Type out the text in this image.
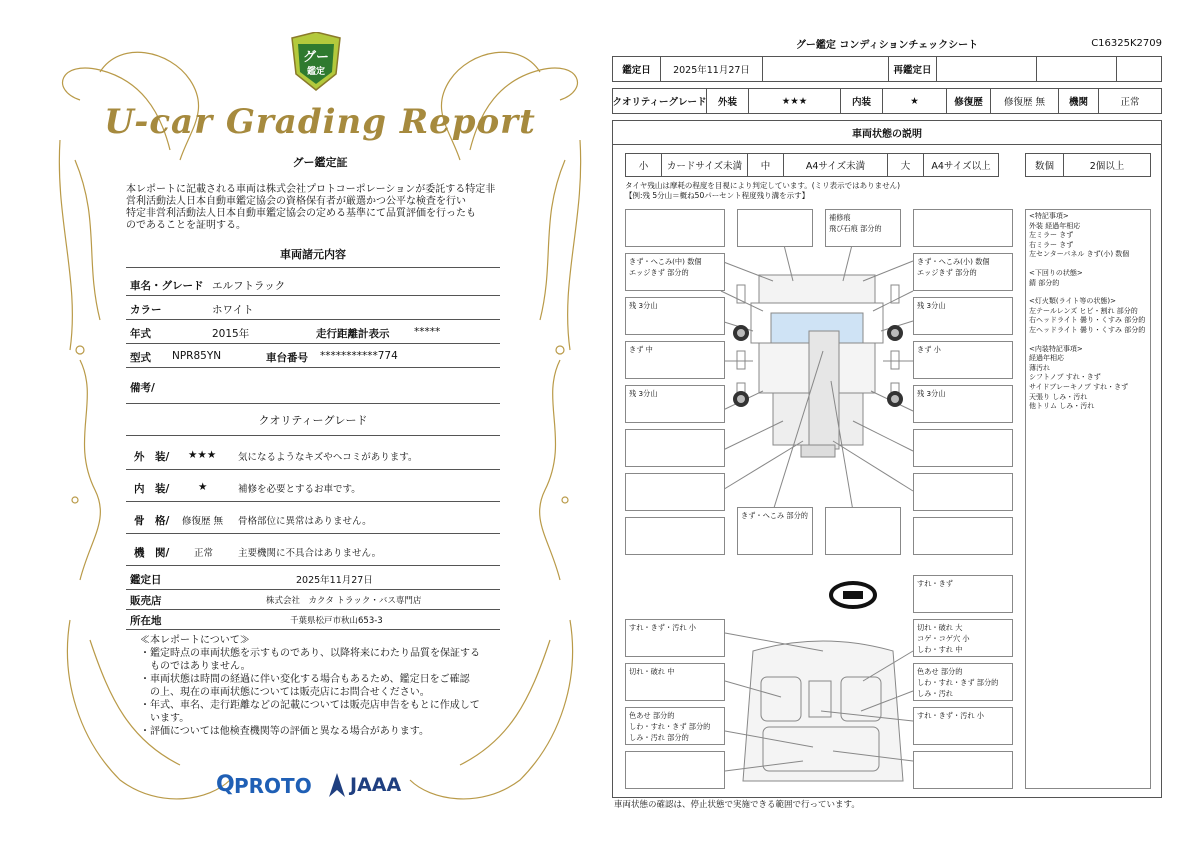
グー
鑑定
U-car Grading Report
グー鑑定証
本レポートに記載される車両は株式会社プロトコーポレーションが委託する特定非
営利活動法人日本自動車鑑定協会の資格保有者が厳選かつ公平な検査を行い
特定非営利活動法人日本自動車鑑定協会の定める基準にて品質評価を行ったも
のであることを証明する。
車両諸元内容
車名・グレード エルフトラック
カラー	ホワイト
年式	2015年	走行距離計表示 *****
型式 NPR85YN	車台番号 ***********774
備考/
クオリティーグレード
外　装/ ★★★ 気になるようなキズやヘコミがあります。
内　装/	★	補修を必要とするお車です。
骨　格/ 修復歴 無 骨格部位に異常はありません。
機　関/	正常	主要機関に不具合はありません。
鑑定日	2025年11月27日
販売店	株式会社　カクタ トラック・バス専門店
所在地	千葉県松戸市秋山653-3
≪本レポートについて≫
・鑑定時点の車両状態を示すものであり、以降将来にわたり品質を保証する
　ものではありません。
・車両状態は時間の経過に伴い変化する場合もあるため、鑑定日をご確認
　の上、現在の車両状態については販売店にお問合せください。
・年式、車名、走行距離などの記載については販売店申告をもとに作成して
　います。
・評価については他検査機関等の評価と異なる場合があります。
Q PROTO JAAA
グー鑑定 コンディションチェックシート	C16325K2709
鑑定日	2025年11月27日	再鑑定日
クオリティーグレード	外装	★★★	内装	★	修復歴	修復歴 無	機関	正常
車両状態の説明
小	カードサイズ未満	中	A4サイズ未満	大	A4サイズ以上	数個	2個以上
タイヤ残山は摩耗の程度を目視により判定しています。(ミリ表示ではありません)
【例:残 5分山＝概ね50パーセント程度残り溝を示す】
補修痕
飛び石痕 部分的
きず・へこみ(中) 数個
エッジきず 部分的
きず・へこみ(小) 数個
エッジきず 部分的
残 3分山	残 3分山
きず 中	きず 小
残 3分山	残 3分山
きず・へこみ 部分的
<特記事項>
外装 経過年相応
左ミラー きず
右ミラー きず
左センターパネル きず(小) 数個
<下回りの状態>
錆 部分的
<灯火類(ライト等の状態)>
左テールレンズ ヒビ・割れ 部分的
右ヘッドライト 曇り・くすみ 部分的
左ヘッドライト 曇り・くすみ 部分的
<内装特記事項>
経過年相応
薄汚れ
シフトノブ すれ・きず
サイドブレーキノブ すれ・きず
天張り しみ・汚れ
他トリム しみ・汚れ
すれ・きず
すれ・きず・汚れ 小	切れ・破れ 大
コゲ・コゲ穴 小
しわ・すれ 中
切れ・破れ 中	色あせ 部分的
しわ・すれ・きず 部分的
しみ・汚れ
色あせ 部分的
しわ・すれ・きず 部分的
しみ・汚れ 部分的
すれ・きず・汚れ 小
車両状態の確認は、停止状態で実施できる範囲で行っています。
